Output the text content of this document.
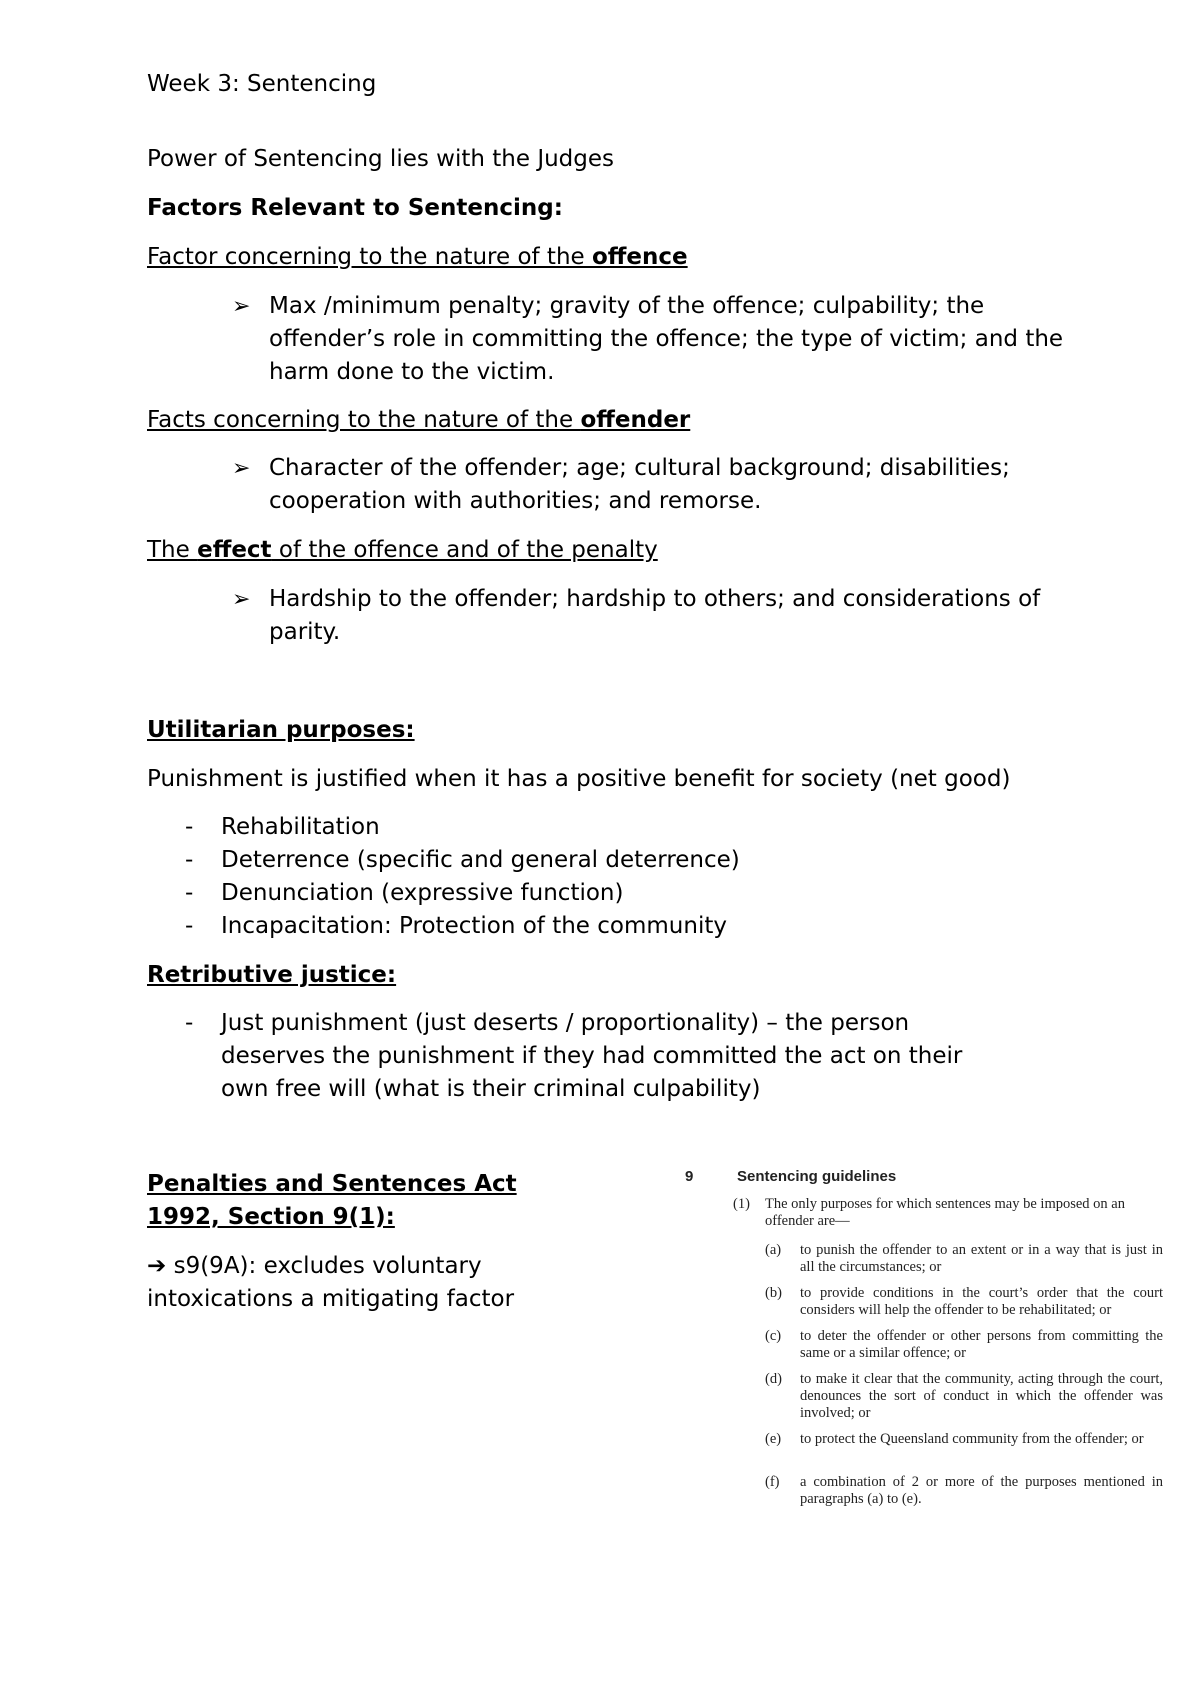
Week 3: Sentencing
Power of Sentencing lies with the Judges
Factors Relevant to Sentencing:
Factor concerning to the nature of the offence
➢ Max /minimum penalty; gravity of the offence; culpability; the offender’s role in committing the offence; the type of victim; and the harm done to the victim.
Facts concerning to the nature of the offender
➢ Character of the offender; age; cultural background; disabilities; cooperation with authorities; and remorse.
The effect of the offence and of the penalty
➢ Hardship to the offender; hardship to others; and considerations of parity.
Utilitarian purposes:
Punishment is justified when it has a positive benefit for society (net good)
-	Rehabilitation
-	Deterrence (specific and general deterrence)
-	Denunciation (expressive function)
-	Incapacitation: Protection of the community
Retributive justice:
-	Just punishment (just deserts / proportionality) – the person deserves the punishment if they had committed the act on their own free will (what is their criminal culpability)
Penalties and Sentences Act 1992, Section 9(1):
➔ s9(9A): excludes voluntary intoxications a mitigating factor
9	Sentencing guidelines
(1) The only purposes for which sentences may be imposed on an offender are—
(a) to punish the offender to an extent or in a way that is just in all the circumstances; or
(b) to provide conditions in the court’s order that the court considers will help the offender to be rehabilitated; or
(c) to deter the offender or other persons from committing the same or a similar offence; or
(d) to make it clear that the community, acting through the court, denounces the sort of conduct in which the offender was involved; or
(e) to protect the Queensland community from the offender; or
(f) a combination of 2 or more of the purposes mentioned in paragraphs (a) to (e).
